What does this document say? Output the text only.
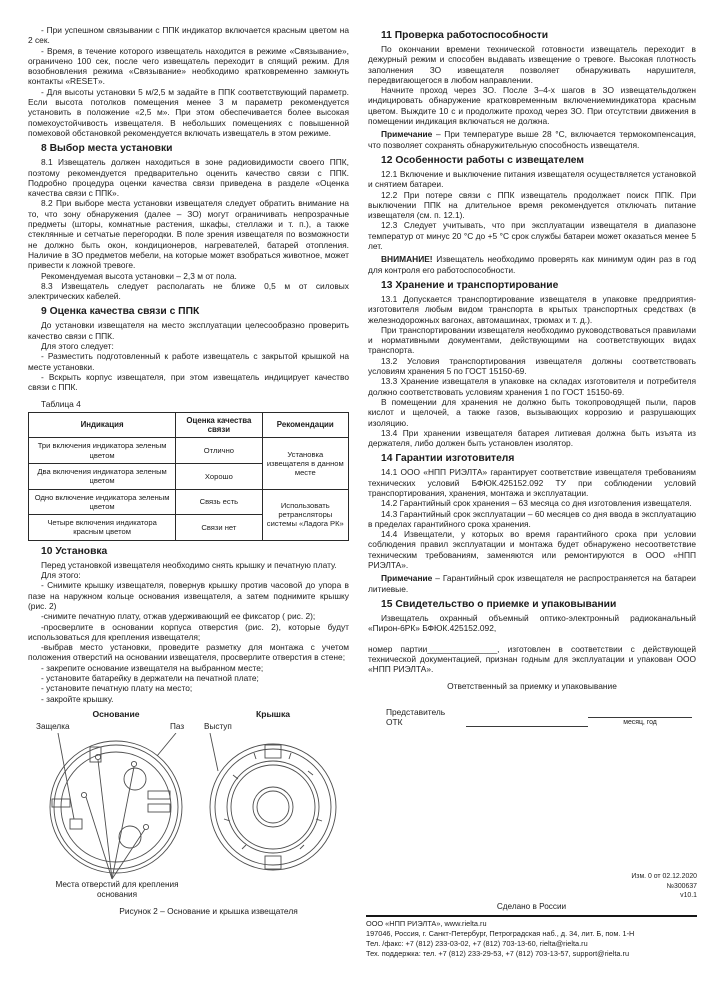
- При успешном связывании с ППК индикатор включается красным цветом на 2 сек.

- Время, в течение которого извещатель находится в режиме «Связывание», ограничено 100 сек, после чего извещатель переходит в спящий режим. Для возобновления режима «Связывание» необходимо кратковременно замкнуть контакты «RESET».

- Для высоты установки 5 м/2,5 м задайте в ППК соответствующий параметр. Если высота потолков помещения менее 3 м параметр рекомендуется установить в положение «2,5 м». При этом обеспечивается более высокая помехоустойчивость извещателя. В небольших помещениях с повышенной помеховой обстановкой рекомендуется включать извещатель в этом режиме.

8 Выбор места установки

8.1 Извещатель должен находиться в зоне радиовидимости своего ППК, поэтому рекомендуется предварительно оценить качество связи с ППК. Подробно процедура оценки качества связи приведена в разделе «Оценка качества связи с ППК».

8.2 При выборе места установки извещателя следует обратить внимание на то, что зону обнаружения (далее – ЗО) могут ограничивать непрозрачные предметы (шторы, комнатные растения, шкафы, стеллажи и т. п.), а также стеклянные и сетчатые перегородки. В поле зрения извещателя по возможности не должно быть окон, кондиционеров, нагревателей, батарей отопления. Наличие в ЗО предметов мебели, на которые может взобраться животное, может привести к ложной тревоге.

Рекомендуемая высота установки – 2,3 м от пола.

8.3 Извещатель следует располагать не ближе 0,5 м от силовых электрических кабелей.

9 Оценка качества связи с ППК

До установки извещателя на место эксплуатации целесообразно проверить качество связи с ППК.

Для этого следует:

- Разместить подготовленный к работе извещатель с закрытой крышкой на месте установки.

- Вскрыть корпус извещателя, при этом извещатель индицирует качество связи с ППК.

Таблица 4

Индикация	Оценка качества связи	Рекомендации
Три включения индикатора зеленым цветом	Отлично	Установка извещателя в данном месте
Два включения индикатора зеленым цветом	Хорошо	
Одно включение индикатора зеленым цветом	Связь есть	Использовать ретрансляторы системы «Ладога РК»
Четыре включения индикатора красным цветом	Связи нет	
10 Установка

Перед установкой извещателя необходимо снять крышку и печатную плату.

Для этого:

- Снимите крышку извещателя, повернув крышку против часовой до упора в пазе на наружном кольце основания извещателя, а затем поднимите крышку (рис. 2)

-снимите печатную плату, отжав удерживающий ее фиксатор ( рис. 2);

-просверлите в основании корпуса отверстия (рис. 2), которые будут использоваться для крепления извещателя;

-выбрав место установки, проведите разметку для монтажа с учетом положения отверстий на основании извещателя, просверлите отверстия в стене;

- закрепите основание извещателя на выбранном месте;

- установите батарейку в держатели на печатной плате;

- установите печатную плату на место;

- закройте крышку.

Основание	Крышка
Защелка	Паз Выступ
Места отверстий для крепления основания
Рисунок 2 – Основание и крышка извещателя
11 Проверка работоспособности

По окончании времени технической готовности извещатель переходит в дежурный режим и способен выдавать извещение о тревоге. Высокая плотность заполнения ЗО извещателя позволяет обнаруживать нарушителя, передвигающегося в любом направлении.

Начните проход через ЗО. После 3–4-х шагов в ЗО извещательдолжен индицировать обнаружение кратковременным включениеминдикатора красным цветом. Выждите 10 с и продолжите проход через ЗО. При отсутствии движения в помещении индикация включаться не должна.

Примечание – При температуре выше 28 °С, включается термокомпенсация, что позволяет сохранять обнаружительную способность извещателя.

12 Особенности работы с извещателем

12.1 Включение и выключение питания извещателя осуществляется установкой и снятием батареи.

12.2 При потере связи с ППК извещатель продолжает поиск ППК. При выключении ППК на длительное время рекомендуется отключать питание извещателя (см. п. 12.1).

12.3 Следует учитывать, что при эксплуатации извещателя в диапазоне температур от минус 20 °С до +5 °С срок службы батареи может оказаться менее 5 лет.

ВНИМАНИЕ! Извещатель необходимо проверять как минимум один раз в год для контроля его работоспособности.

13 Хранение и транспортирование

13.1 Допускается транспортирование извещателя в упаковке предприятия-изготовителя любым видом транспорта в крытых транспортных средствах (в железнодорожных вагонах, автомашинах, трюмах и т. д.).

При транспортировании извещателя необходимо руководствоваться правилами и нормативными документами, действующими на соответствующих видах транспорта.

13.2 Условия транспортирования извещателя должны соответствовать условиям хранения 5 по ГОСТ 15150-69.

13.3 Хранение извещателя в упаковке на складах изготовителя и потребителя должно соответствовать условиям хранения 1 по ГОСТ 15150-69.

В помещении для хранения не должно быть токопроводящей пыли, паров кислот и щелочей, а также газов, вызывающих коррозию и разрушающих изоляцию.

13.4 При хранении извещателя батарея литиевая должна быть изъята из держателя, либо должен быть установлен изолятор.

14 Гарантии изготовителя

14.1 ООО «НПП РИЭЛТА» гарантирует соответствие извещателя требованиям технических условий БФЮК.425152.092 ТУ при соблюдении условий транспортирования, хранения, монтажа и эксплуатации.

14.2 Гарантийный срок хранения – 63 месяца со дня изготовления извещателя.

14.3 Гарантийный срок эксплуатации – 60 месяцев со дня ввода в эксплуатацию в пределах гарантийного срока хранения.

14.4 Извещатели, у которых во время гарантийного срока при условии соблюдения правил эксплуатации и монтажа будет обнаружено несоответствие техническим требованиям, заменяются или ремонтируются в ООО «НПП РИЭЛТА».

Примечание – Гарантийный срок извещателя не распространяется на батареи литиевые.

15 Свидетельство о приемке и упаковывании

Извещатель охранный объемный оптико-электронный радиоканальный «Пирон-6РК» БФЮК.425152.092,

номер партии_______________, изготовлен в соответствии с действующей технической документацией, признан годным для эксплуатации и упакован ООО «НПП РИЭЛТА».

Ответственный за приемку и упаковывание

Представитель ОТК	месяц, год
Изм. 0 от 02.12.2020
№300637
v10.1
Сделано в России
ООО «НПП РИЭЛТА», www.rielta.ru
197046, Россия, г. Санкт-Петербург, Петроградская наб., д. 34, лит. Б, пом. 1-Н
Тел. /факс: +7 (812) 233-03-02, +7 (812) 703-13-60, rielta@rielta.ru
Тех. поддержка: тел. +7 (812) 233-29-53, +7 (812) 703-13-57, support@rielta.ru
